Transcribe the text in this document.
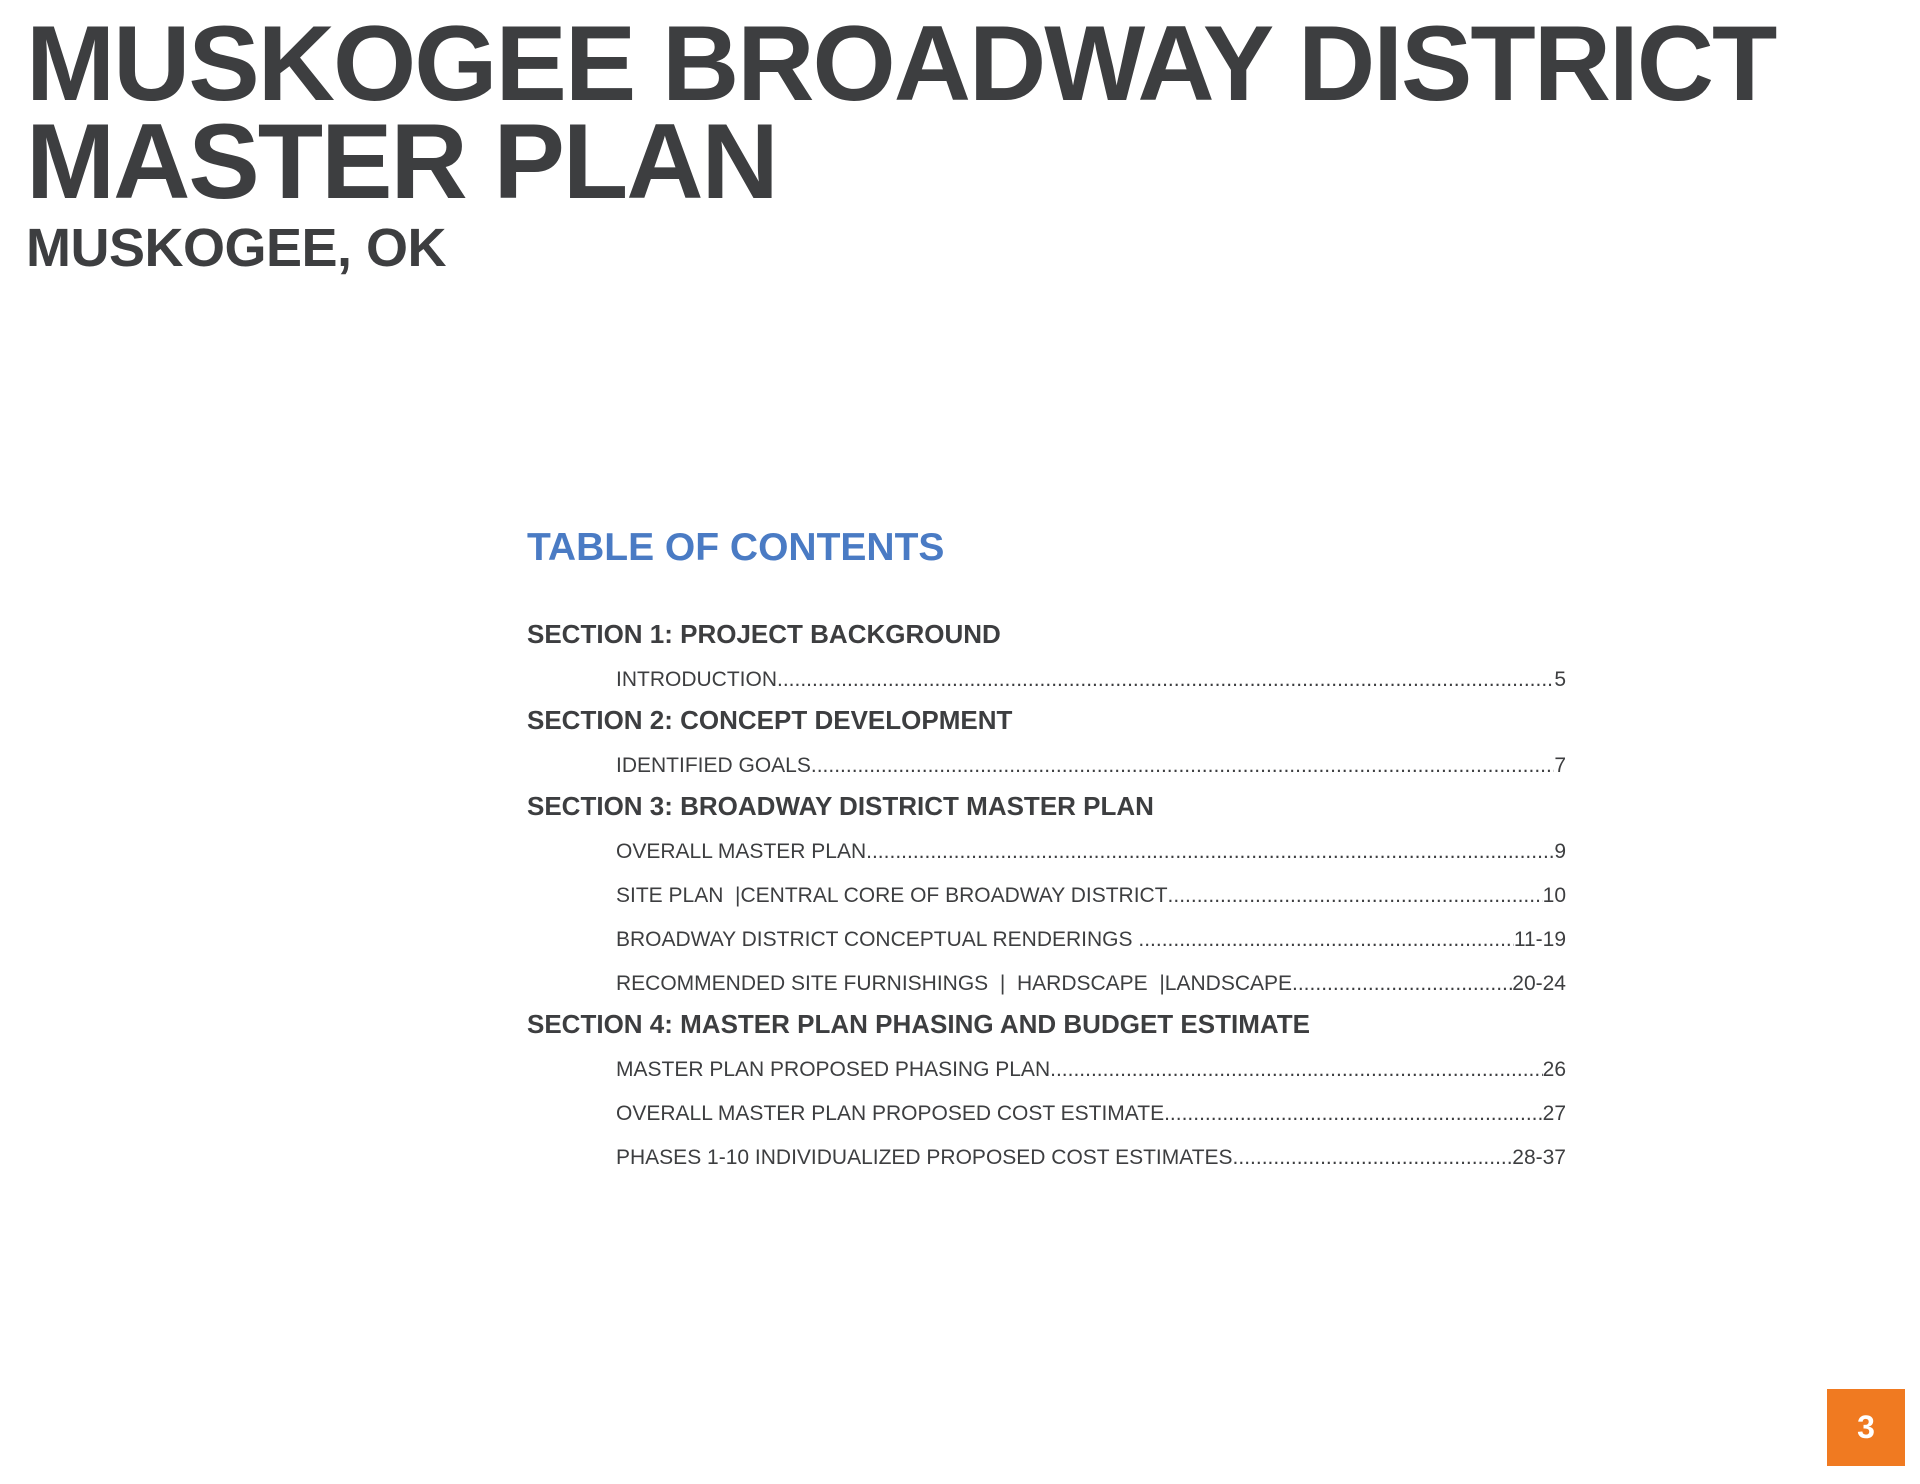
MUSKOGEE BROADWAY DISTRICT
MASTER PLAN
MUSKOGEE, OK
TABLE OF CONTENTS
SECTION 1: PROJECT BACKGROUND
INTRODUCTION .....	5
SECTION 2: CONCEPT DEVELOPMENT
IDENTIFIED GOALS .....	7
SECTION 3: BROADWAY DISTRICT MASTER PLAN
OVERALL MASTER PLAN .....	9
SITE PLAN  |CENTRAL CORE OF BROADWAY DISTRICT .....	10
BROADWAY DISTRICT CONCEPTUAL RENDERINGS .....	11-19
RECOMMENDED SITE FURNISHINGS  |  HARDSCAPE  |LANDSCAPE .....	20-24
SECTION 4: MASTER PLAN PHASING AND BUDGET ESTIMATE
MASTER PLAN PROPOSED PHASING PLAN .....	26
OVERALL MASTER PLAN PROPOSED COST ESTIMATE .....	27
PHASES 1-10 INDIVIDUALIZED PROPOSED COST ESTIMATES .....	28-37
3
